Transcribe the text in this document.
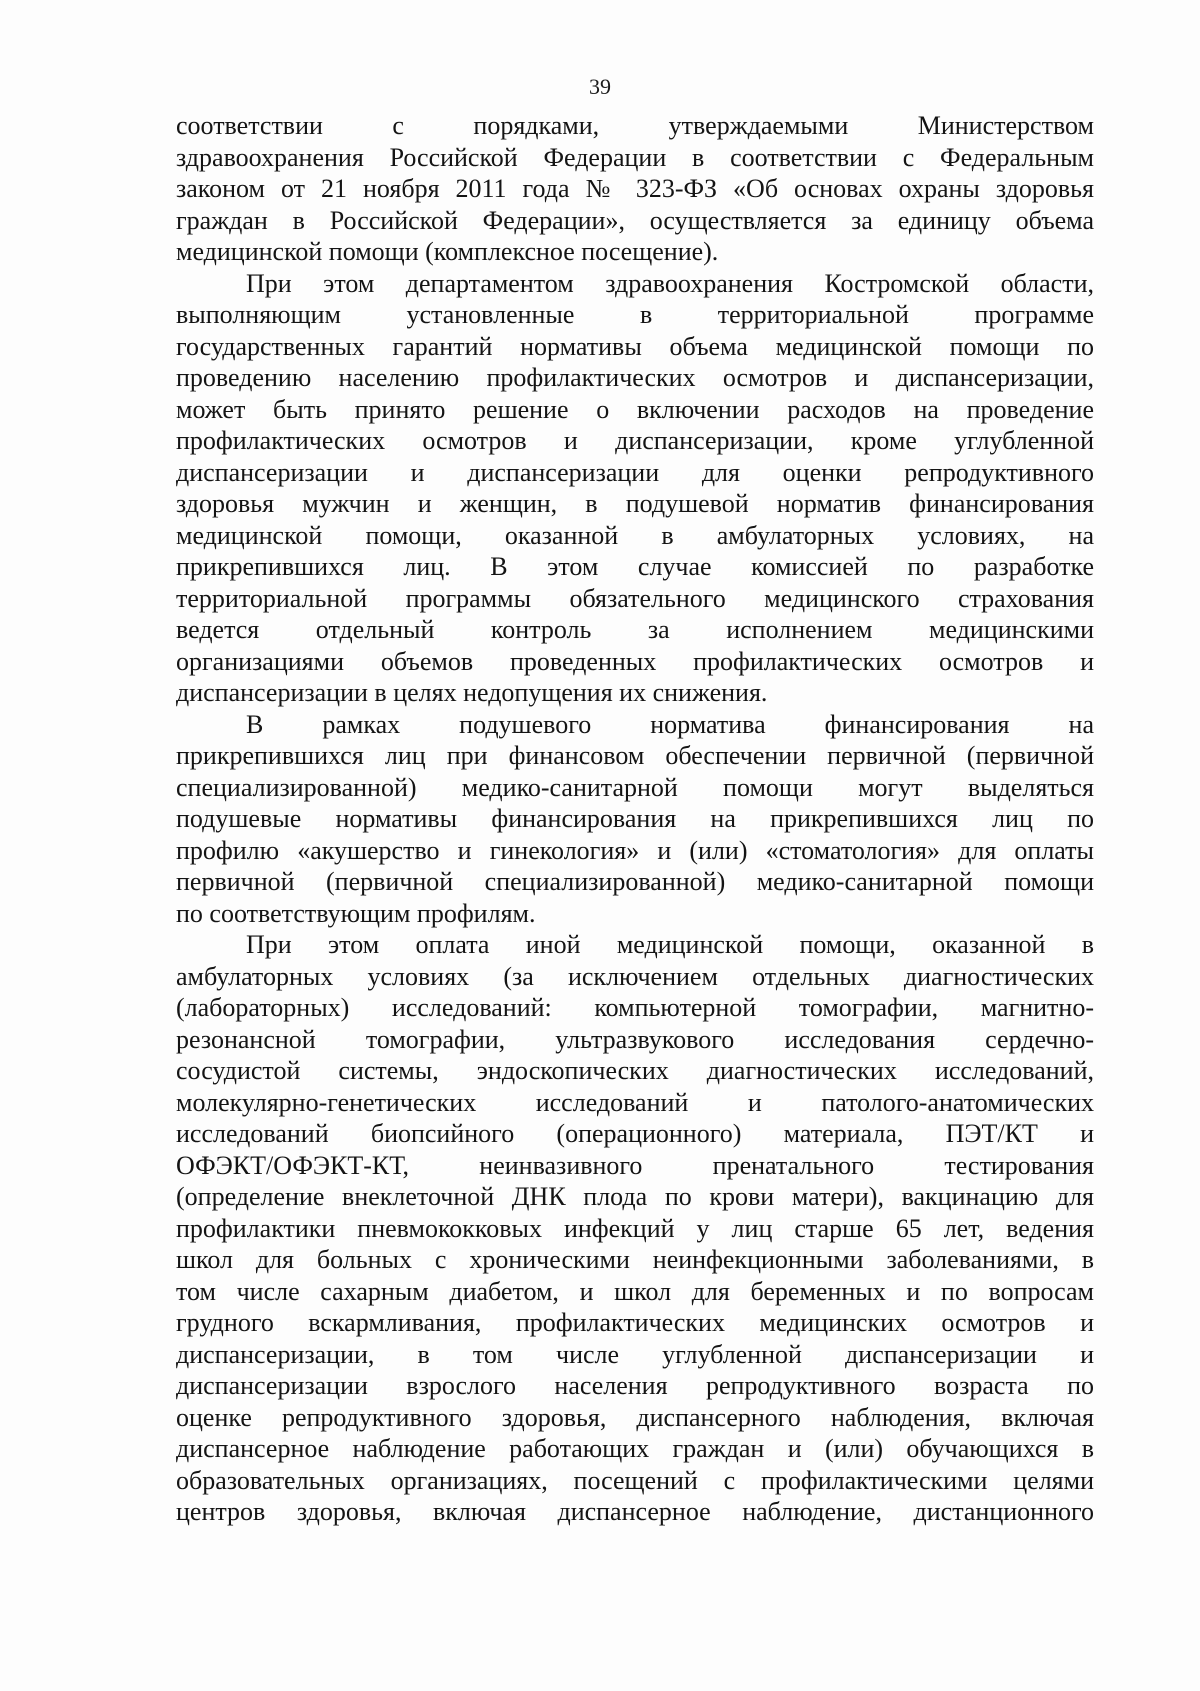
39
соответствии с порядками, утверждаемыми Министерством
здравоохранения Российской Федерации в соответствии с Федеральным
законом от 21 ноября 2011 года № 323-ФЗ «Об основах охраны здоровья
граждан в Российской Федерации», осуществляется за единицу объема
медицинской помощи (комплексное посещение).
При этом департаментом здравоохранения Костромской области,
выполняющим установленные в территориальной программе
государственных гарантий нормативы объема медицинской помощи по
проведению населению профилактических осмотров и диспансеризации,
может быть принято решение о включении расходов на проведение
профилактических осмотров и диспансеризации, кроме углубленной
диспансеризации и диспансеризации для оценки репродуктивного
здоровья мужчин и женщин, в подушевой норматив финансирования
медицинской помощи, оказанной в амбулаторных условиях, на
прикрепившихся лиц. В этом случае комиссией по разработке
территориальной программы обязательного медицинского страхования
ведется отдельный контроль за исполнением медицинскими
организациями объемов проведенных профилактических осмотров и
диспансеризации в целях недопущения их снижения.
В рамках подушевого норматива финансирования на
прикрепившихся лиц при финансовом обеспечении первичной (первичной
специализированной) медико-санитарной помощи могут выделяться
подушевые нормативы финансирования на прикрепившихся лиц по
профилю «акушерство и гинекология» и (или) «стоматология» для оплаты
первичной (первичной специализированной) медико-санитарной помощи
по соответствующим профилям.
При этом оплата иной медицинской помощи, оказанной в
амбулаторных условиях (за исключением отдельных диагностических
(лабораторных) исследований: компьютерной томографии, магнитно-
резонансной томографии, ультразвукового исследования сердечно-
сосудистой системы, эндоскопических диагностических исследований,
молекулярно-генетических исследований и патолого-анатомических
исследований биопсийного (операционного) материала, ПЭТ/КТ и
ОФЭКТ/ОФЭКТ-КТ, неинвазивного пренатального тестирования
(определение внеклеточной ДНК плода по крови матери), вакцинацию для
профилактики пневмококковых инфекций у лиц старше 65 лет, ведения
школ для больных с хроническими неинфекционными заболеваниями, в
том числе сахарным диабетом, и школ для беременных и по вопросам
грудного вскармливания, профилактических медицинских осмотров и
диспансеризации, в том числе углубленной диспансеризации и
диспансеризации взрослого населения репродуктивного возраста по
оценке репродуктивного здоровья, диспансерного наблюдения, включая
диспансерное наблюдение работающих граждан и (или) обучающихся в
образовательных организациях, посещений с профилактическими целями
центров здоровья, включая диспансерное наблюдение, дистанционного
